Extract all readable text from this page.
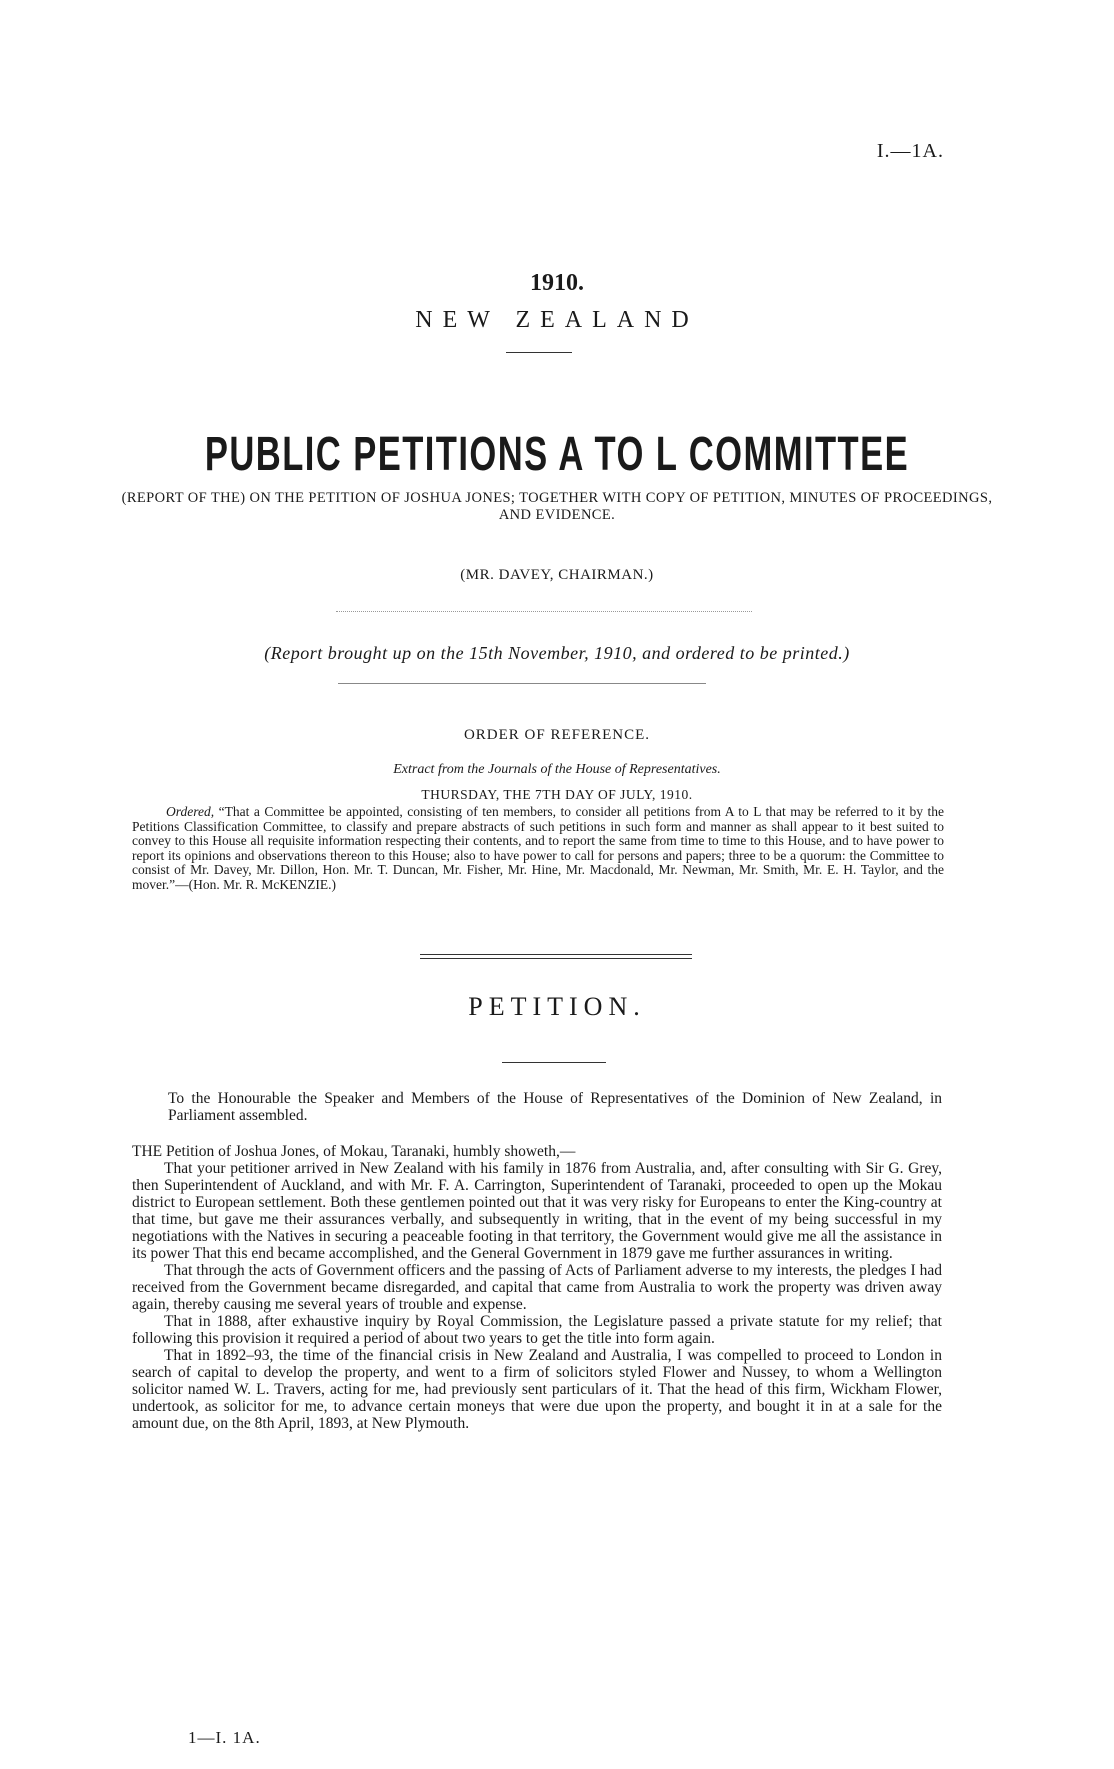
I.—1A.
1910.
NEW ZEALAND
PUBLIC PETITIONS A TO L COMMITTEE
(REPORT OF THE) ON THE PETITION OF JOSHUA JONES; TOGETHER WITH COPY OF PETITION, MINUTES OF PROCEEDINGS, AND EVIDENCE.
(MR. DAVEY, CHAIRMAN.)
(Report brought up on the 15th November, 1910, and ordered to be printed.)
ORDER OF REFERENCE.
Extract from the Journals of the House of Representatives.
THURSDAY, THE 7TH DAY OF JULY, 1910.
Ordered, “That a Committee be appointed, consisting of ten members, to consider all petitions from A to L that may be referred to it by the Petitions Classification Committee, to classify and prepare abstracts of such petitions in such form and manner as shall appear to it best suited to convey to this House all requisite information respecting their contents, and to report the same from time to time to this House, and to have power to report its opinions and observations thereon to this House; also to have power to call for persons and papers; three to be a quorum: the Committee to consist of Mr. Davey, Mr. Dillon, Hon. Mr. T. Duncan, Mr. Fisher, Mr. Hine, Mr. Macdonald, Mr. Newman, Mr. Smith, Mr. E. H. Taylor, and the mover.”—(Hon. Mr. R. McKENZIE.)
PETITION.
To the Honourable the Speaker and Members of the House of Representatives of the Dominion of New Zealand, in Parliament assembled.

THE Petition of Joshua Jones, of Mokau, Taranaki, humbly showeth,—

That your petitioner arrived in New Zealand with his family in 1876 from Australia, and, after consulting with Sir G. Grey, then Superintendent of Auckland, and with Mr. F. A. Carrington, Superintendent of Taranaki, proceeded to open up the Mokau district to European settlement. Both these gentlemen pointed out that it was very risky for Europeans to enter the King-country at that time, but gave me their assurances verbally, and subsequently in writing, that in the event of my being successful in my negotiations with the Natives in securing a peaceable footing in that territory, the Government would give me all the assistance in its power That this end became accomplished, and the General Government in 1879 gave me further assurances in writing.

That through the acts of Government officers and the passing of Acts of Parliament adverse to my interests, the pledges I had received from the Government became disregarded, and capital that came from Australia to work the property was driven away again, thereby causing me several years of trouble and expense.

That in 1888, after exhaustive inquiry by Royal Commission, the Legislature passed a private statute for my relief; that following this provision it required a period of about two years to get the title into form again.

That in 1892–93, the time of the financial crisis in New Zealand and Australia, I was compelled to proceed to London in search of capital to develop the property, and went to a firm of solicitors styled Flower and Nussey, to whom a Wellington solicitor named W. L. Travers, acting for me, had previously sent particulars of it. That the head of this firm, Wickham Flower, undertook, as solicitor for me, to advance certain moneys that were due upon the property, and bought it in at a sale for the amount due, on the 8th April, 1893, at New Plymouth.

1—I. 1A.
